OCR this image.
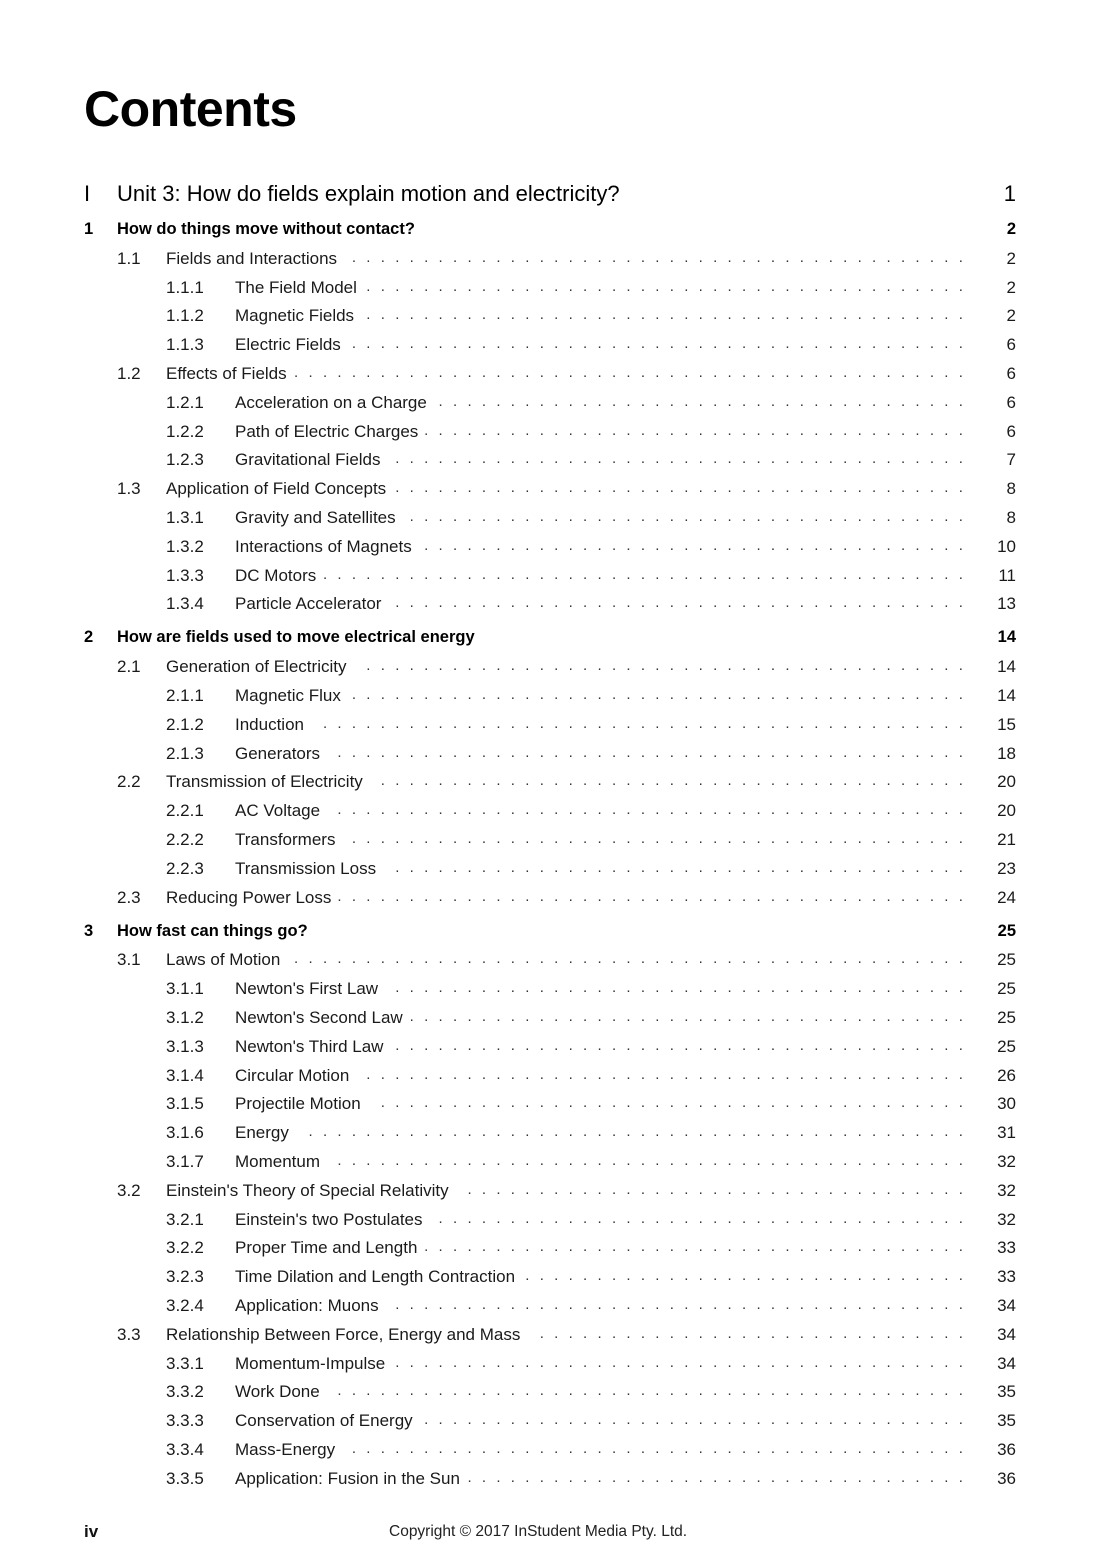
Contents
I Unit 3: How do fields explain motion and electricity?	1
1 How do things move without contact?	2
1.1 Fields and Interactions	2
. . . . . . . . . . . . . . . . . . . . . . . . . . . . . . . . . . . . . . . . . . .
1.1.1 The Field Model	2
. . . . . . . . . . . . . . . . . . . . . . . . . . . . . . . . . . . . . . . . . .
1.1.2 Magnetic Fields	2
. . . . . . . . . . . . . . . . . . . . . . . . . . . . . . . . . . . . . . . . . .
1.1.3 Electric Fields	6
. . . . . . . . . . . . . . . . . . . . . . . . . . . . . . . . . . . . . . . . . . .
1.2 Effects of Fields	6
. . . . . . . . . . . . . . . . . . . . . . . . . . . . . . . . . . . . . . . . . . . . . . .
1.2.1 Acceleration on a Charge	6
. . . . . . . . . . . . . . . . . . . . . . . . . . . . . . . . . . . . .
1.2.2 Path of Electric Charges	6
. . . . . . . . . . . . . . . . . . . . . . . . . . . . . . . . . . . . . .
1.2.3 Gravitational Fields	7
. . . . . . . . . . . . . . . . . . . . . . . . . . . . . . . . . . . . . . . .
1.3 Application of Field Concepts	8
. . . . . . . . . . . . . . . . . . . . . . . . . . . . . . . . . . . . . . . .
1.3.1 Gravity and Satellites	8
. . . . . . . . . . . . . . . . . . . . . . . . . . . . . . . . . . . . . . .
1.3.2 Interactions of Magnets	10
. . . . . . . . . . . . . . . . . . . . . . . . . . . . . . . . . . . . . .
1.3.3 DC Motors	11
. . . . . . . . . . . . . . . . . . . . . . . . . . . . . . . . . . . . . . . . . . . . .
1.3.4 Particle Accelerator	13
. . . . . . . . . . . . . . . . . . . . . . . . . . . . . . . . . . . . . . . .
2 How are fields used to move electrical energy	14
2.1 Generation of Electricity	14
. . . . . . . . . . . . . . . . . . . . . . . . . . . . . . . . . . . . . . . . . .
2.1.1 Magnetic Flux	14
. . . . . . . . . . . . . . . . . . . . . . . . . . . . . . . . . . . . . . . . . . .
2.1.2 Induction	15
. . . . . . . . . . . . . . . . . . . . . . . . . . . . . . . . . . . . . . . . . . . . .
2.1.3 Generators	18
. . . . . . . . . . . . . . . . . . . . . . . . . . . . . . . . . . . . . . . . . . . .
2.2 Transmission of Electricity	20
. . . . . . . . . . . . . . . . . . . . . . . . . . . . . . . . . . . . . . . . .
2.2.1 AC Voltage	20
. . . . . . . . . . . . . . . . . . . . . . . . . . . . . . . . . . . . . . . . . . . .
2.2.2 Transformers	21
. . . . . . . . . . . . . . . . . . . . . . . . . . . . . . . . . . . . . . . . . . .
2.2.3 Transmission Loss	23
. . . . . . . . . . . . . . . . . . . . . . . . . . . . . . . . . . . . . . . .
2.3 Reducing Power Loss	24
. . . . . . . . . . . . . . . . . . . . . . . . . . . . . . . . . . . . . . . . . . . .
3 How fast can things go?	25
3.1 Laws of Motion	25
. . . . . . . . . . . . . . . . . . . . . . . . . . . . . . . . . . . . . . . . . . . . . . .
3.1.1 Newton's First Law	25
. . . . . . . . . . . . . . . . . . . . . . . . . . . . . . . . . . . . . . . .
3.1.2 Newton's Second Law	25
. . . . . . . . . . . . . . . . . . . . . . . . . . . . . . . . . . . . . . .
3.1.3 Newton's Third Law	25
. . . . . . . . . . . . . . . . . . . . . . . . . . . . . . . . . . . . . . . .
3.1.4 Circular Motion	26
. . . . . . . . . . . . . . . . . . . . . . . . . . . . . . . . . . . . . . . . . .
3.1.5 Projectile Motion	30
. . . . . . . . . . . . . . . . . . . . . . . . . . . . . . . . . . . . . . . . .
3.1.6 Energy	31
. . . . . . . . . . . . . . . . . . . . . . . . . . . . . . . . . . . . . . . . . . . . . .
3.1.7 Momentum	32
. . . . . . . . . . . . . . . . . . . . . . . . . . . . . . . . . . . . . . . . . . . .
3.2 Einstein's Theory of Special Relativity	32
. . . . . . . . . . . . . . . . . . . . . . . . . . . . . . . . . . .
3.2.1 Einstein's two Postulates	32
. . . . . . . . . . . . . . . . . . . . . . . . . . . . . . . . . . . . .
3.2.2 Proper Time and Length	33
. . . . . . . . . . . . . . . . . . . . . . . . . . . . . . . . . . . . . .
3.2.3 Time Dilation and Length Contraction	33
. . . . . . . . . . . . . . . . . . . . . . . . . . . . . . .
3.2.4 Application: Muons	34
. . . . . . . . . . . . . . . . . . . . . . . . . . . . . . . . . . . . . . . .
3.3 Relationship Between Force, Energy and Mass	34
. . . . . . . . . . . . . . . . . . . . . . . . . . . . . .
3.3.1 Momentum-Impulse	34
. . . . . . . . . . . . . . . . . . . . . . . . . . . . . . . . . . . . . . . .
3.3.2 Work Done	35
. . . . . . . . . . . . . . . . . . . . . . . . . . . . . . . . . . . . . . . . . . . .
3.3.3 Conservation of Energy	35
. . . . . . . . . . . . . . . . . . . . . . . . . . . . . . . . . . . . . .
3.3.4 Mass-Energy	36
. . . . . . . . . . . . . . . . . . . . . . . . . . . . . . . . . . . . . . . . . . .
3.3.5 Application: Fusion in the Sun	36
. . . . . . . . . . . . . . . . . . . . . . . . . . . . . . . . . . .
iv	Copyright © 2017 InStudent Media Pty. Ltd.
